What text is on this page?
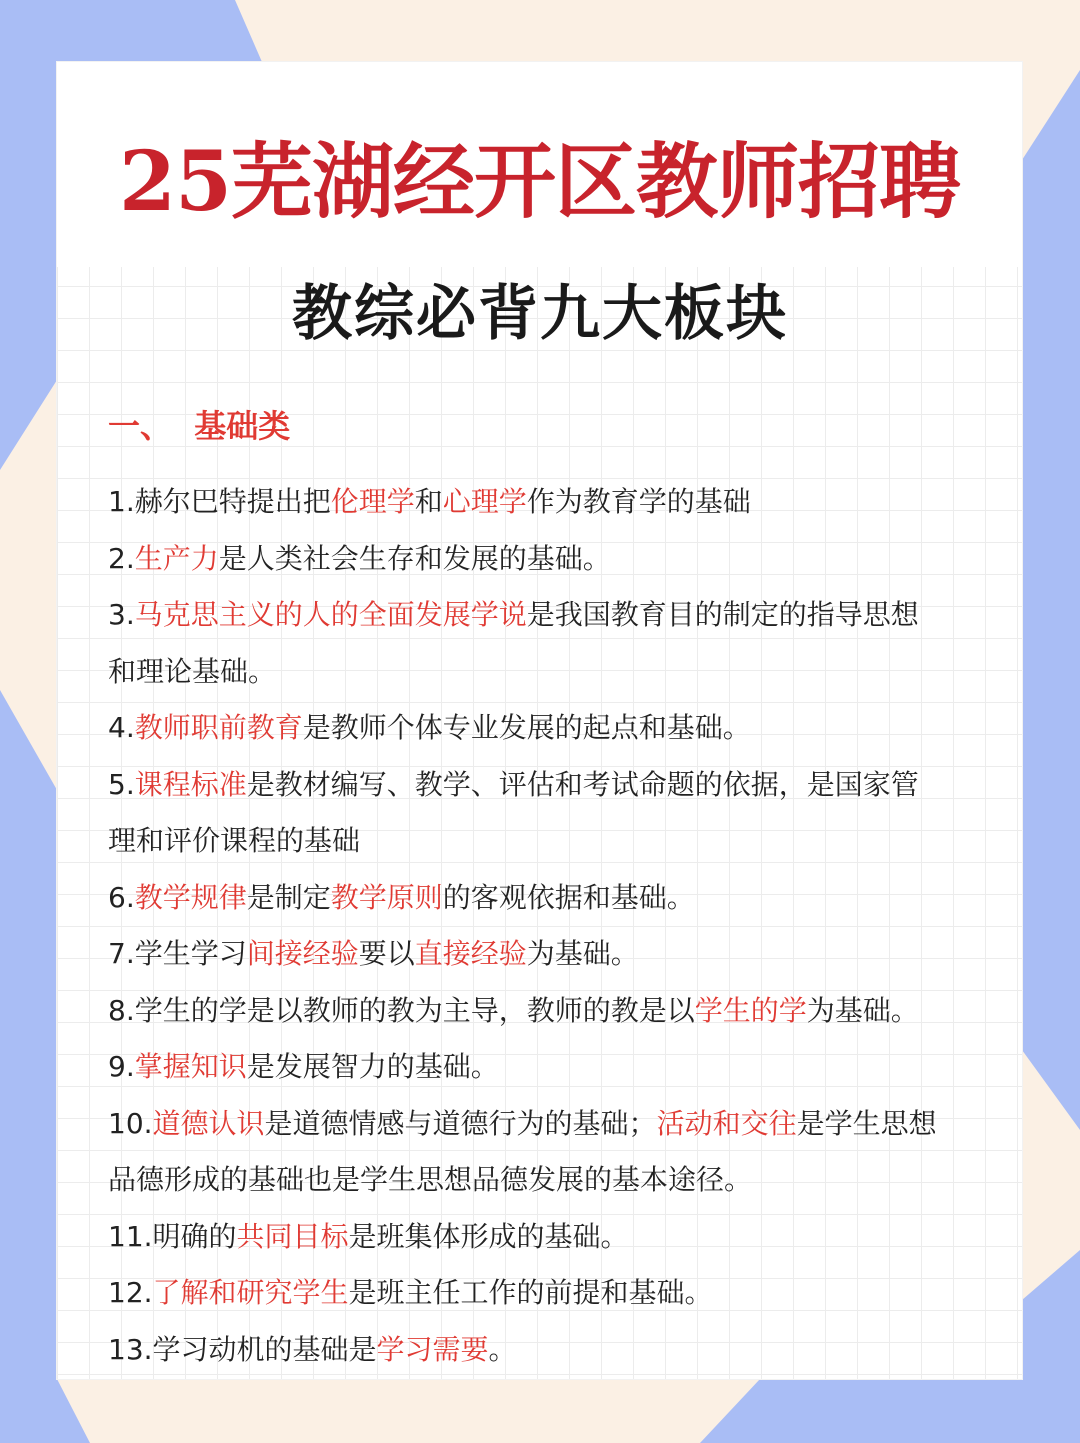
25芜湖经开区教师招聘
教综必背九大板块
一、  基础类
1.赫尔巴特提出把伦理学和心理学作为教育学的基础
2.生产力是人类社会生存和发展的基础。
3.马克思主义的人的全面发展学说是我国教育目的制定的指导思想
和理论基础。
4.教师职前教育是教师个体专业发展的起点和基础。
5.课程标准是教材编写、教学、评估和考试命题的依据，是国家管
理和评价课程的基础
6.教学规律是制定教学原则的客观依据和基础。
7.学生学习间接经验要以直接经验为基础。
8.学生的学是以教师的教为主导，教师的教是以学生的学为基础。
9.掌握知识是发展智力的基础。
10.道德认识是道德情感与道德行为的基础；活动和交往是学生思想
品德形成的基础也是学生思想品德发展的基本途径。
11.明确的共同目标是班集体形成的基础。
12.了解和研究学生是班主任工作的前提和基础。
13.学习动机的基础是学习需要。
